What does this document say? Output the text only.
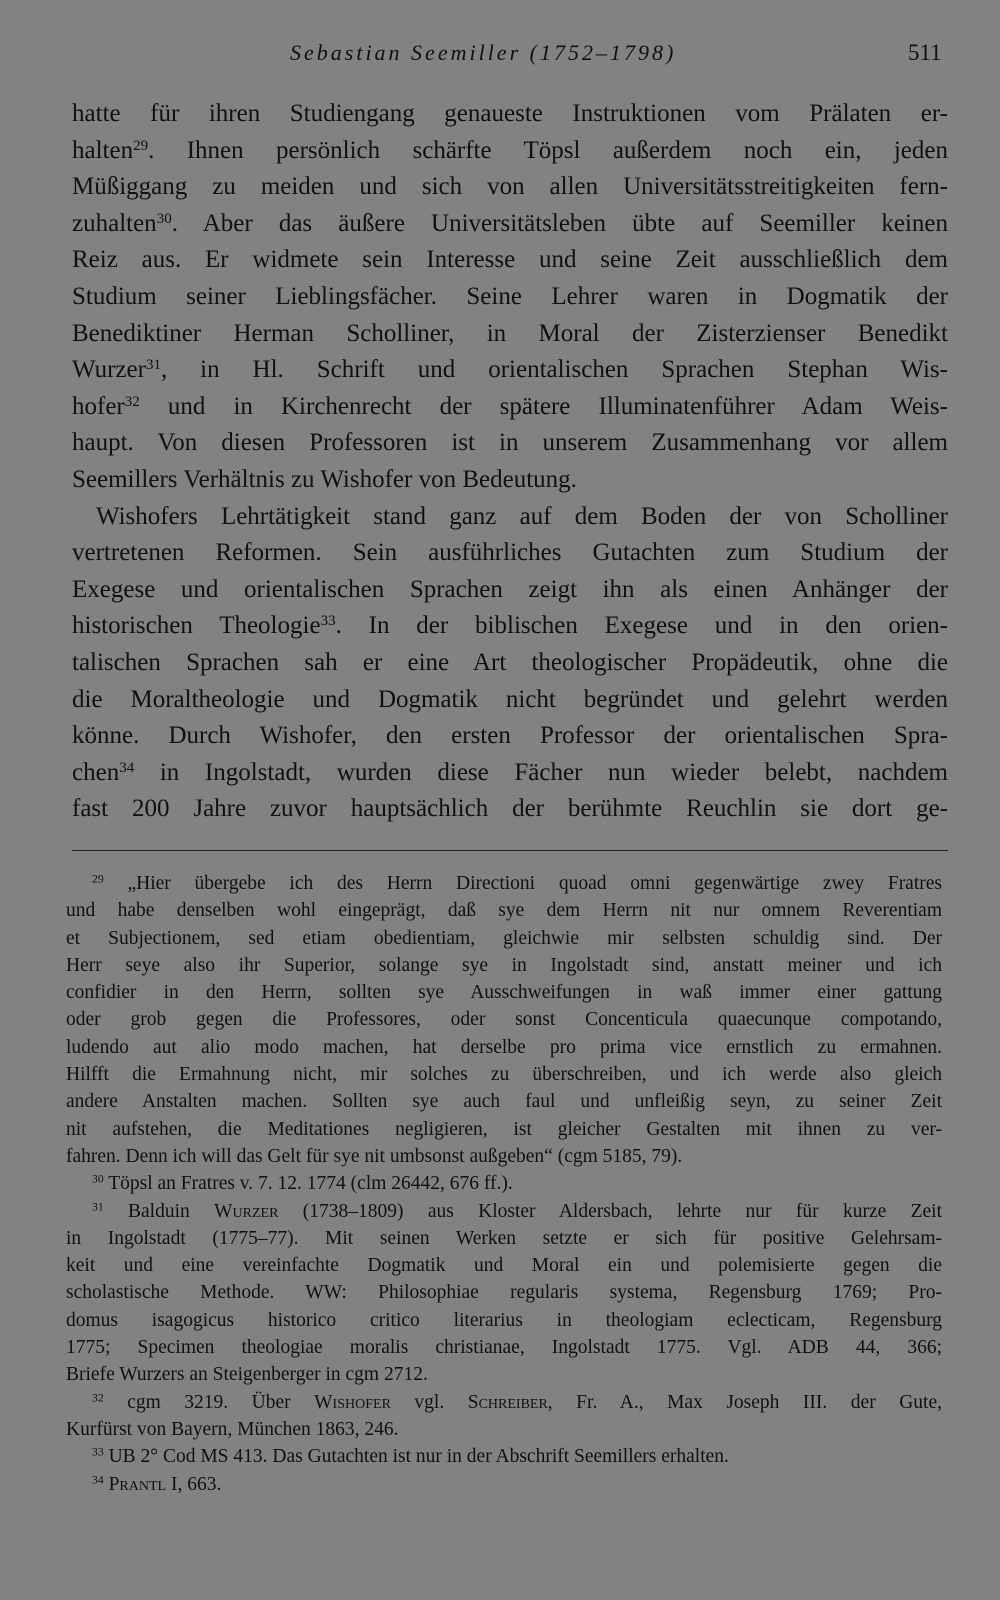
Sebastian Seemiller (1752–1798)	511
hatte für ihren Studiengang genaueste Instruktionen vom Prälaten er-
halten$^{29}$. Ihnen persönlich schärfte Töpsl außerdem noch ein, jeden
Müßiggang zu meiden und sich von allen Universitätsstreitigkeiten fern-
zuhalten$^{30}$. Aber das äußere Universitätsleben übte auf Seemiller keinen
Reiz aus. Er widmete sein Interesse und seine Zeit ausschließlich dem
Studium seiner Lieblingsfächer. Seine Lehrer waren in Dogmatik der
Benediktiner Herman Scholliner, in Moral der Zisterzienser Benedikt
Wurzer$^{31}$, in Hl. Schrift und orientalischen Sprachen Stephan Wis-
hofer$^{32}$ und in Kirchenrecht der spätere Illuminatenführer Adam Weis-
haupt. Von diesen Professoren ist in unserem Zusammenhang vor allem
Seemillers Verhältnis zu Wishofer von Bedeutung.
Wishofers Lehrtätigkeit stand ganz auf dem Boden der von Scholliner
vertretenen Reformen. Sein ausführliches Gutachten zum Studium der
Exegese und orientalischen Sprachen zeigt ihn als einen Anhänger der
historischen Theologie$^{33}$. In der biblischen Exegese und in den orien-
talischen Sprachen sah er eine Art theologischer Propädeutik, ohne die
die Moraltheologie und Dogmatik nicht begründet und gelehrt werden
könne. Durch Wishofer, den ersten Professor der orientalischen Spra-
chen$^{34}$ in Ingolstadt, wurden diese Fächer nun wieder belebt, nachdem
fast 200 Jahre zuvor hauptsächlich der berühmte Reuchlin sie dort ge-
$^{29}$ „Hier übergebe ich des Herrn Directioni quoad omni gegenwärtige zwey Fratres
und habe denselben wohl eingeprägt, daß sye dem Herrn nit nur omnem Reverentiam
et Subjectionem, sed etiam obedientiam, gleichwie mir selbsten schuldig sind. Der
Herr seye also ihr Superior, solange sye in Ingolstadt sind, anstatt meiner und ich
confidier in den Herrn, sollten sye Ausschweifungen in waß immer einer gattung
oder grob gegen die Professores, oder sonst Concenticula quaecunque compotando,
ludendo aut alio modo machen, hat derselbe pro prima vice ernstlich zu ermahnen.
Hilfft die Ermahnung nicht, mir solches zu überschreiben, und ich werde also gleich
andere Anstalten machen. Sollten sye auch faul und unfleißig seyn, zu seiner Zeit
nit aufstehen, die Meditationes negligieren, ist gleicher Gestalten mit ihnen zu ver-
fahren. Denn ich will das Gelt für sye nit umbsonst außgeben“ (cgm 5185, 79).
$^{30}$ Töpsl an Fratres v. 7. 12. 1774 (clm 26442, 676 ff.).
$^{31}$ Balduin Wurzer (1738–1809) aus Kloster Aldersbach, lehrte nur für kurze Zeit
in Ingolstadt (1775–77). Mit seinen Werken setzte er sich für positive Gelehrsam-
keit und eine vereinfachte Dogmatik und Moral ein und polemisierte gegen die
scholastische Methode. WW: Philosophiae regularis systema, Regensburg 1769; Pro-
domus isagogicus historico critico literarius in theologiam eclecticam, Regensburg
1775; Specimen theologiae moralis christianae, Ingolstadt 1775. Vgl. ADB 44, 366;
Briefe Wurzers an Steigenberger in cgm 2712.
$^{32}$ cgm 3219. Über Wishofer vgl. Schreiber, Fr. A., Max Joseph III. der Gute,
Kurfürst von Bayern, München 1863, 246.
$^{33}$ UB 2° Cod MS 413. Das Gutachten ist nur in der Abschrift Seemillers erhalten.
$^{34}$ Prantl I, 663.
